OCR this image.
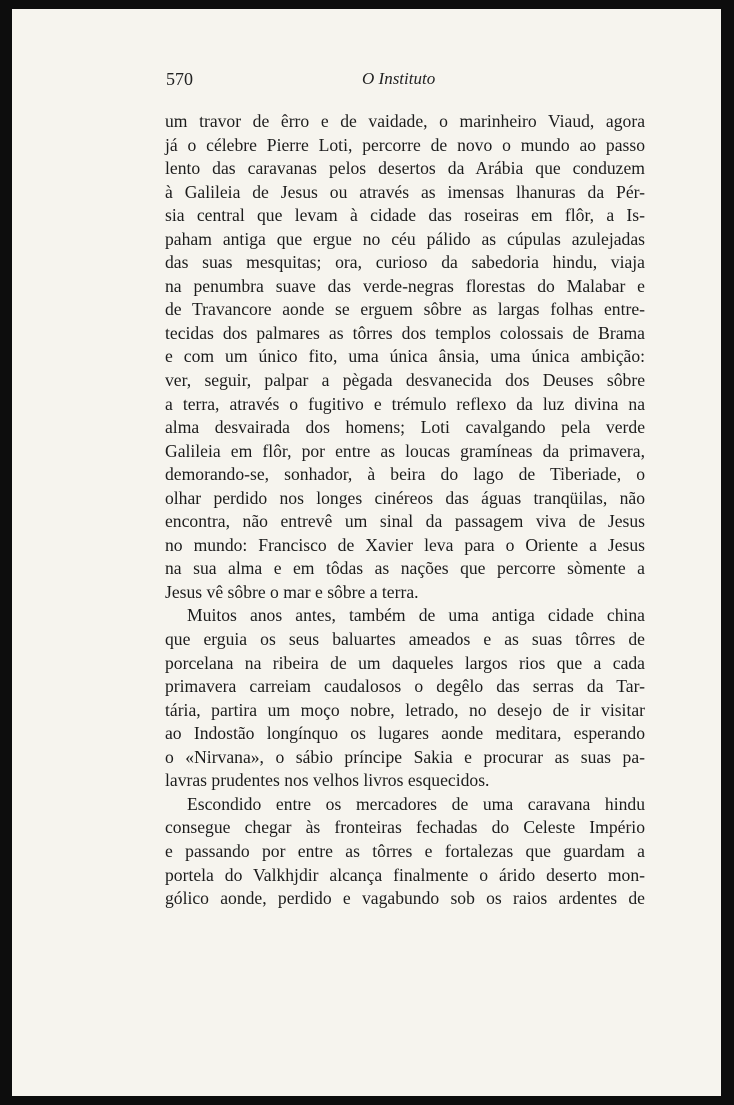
570	O Instituto

um travor de êrro e de vaidade, o marinheiro Viaud, agora
já o célebre Pierre Loti, percorre de novo o mundo ao passo
lento das caravanas pelos desertos da Arábia que conduzem
à Galileia de Jesus ou através as imensas lhanuras da Pér-
sia central que levam à cidade das roseiras em flôr, a Is-
paham antiga que ergue no céu pálido as cúpulas azulejadas
das suas mesquitas; ora, curioso da sabedoria hindu, viaja
na penumbra suave das verde-negras florestas do Malabar e
de Travancore aonde se erguem sôbre as largas folhas entre-
tecidas dos palmares as tôrres dos templos colossais de Brama
e com um único fito, uma única ânsia, uma única ambição:
ver, seguir, palpar a pègada desvanecida dos Deuses sôbre
a terra, através o fugitivo e trémulo reflexo da luz divina na
alma desvairada dos homens; Loti cavalgando pela verde
Galileia em flôr, por entre as loucas gramíneas da primavera,
demorando-se, sonhador, à beira do lago de Tiberiade, o
olhar perdido nos longes cinéreos das águas tranqüilas, não
encontra, não entrevê um sinal da passagem viva de Jesus
no mundo: Francisco de Xavier leva para o Oriente a Jesus
na sua alma e em tôdas as nações que percorre sòmente a
Jesus vê sôbre o mar e sôbre a terra.

Muitos anos antes, também de uma antiga cidade china
que erguia os seus baluartes ameados e as suas tôrres de
porcelana na ribeira de um daqueles largos rios que a cada
primavera carreiam caudalosos o degêlo das serras da Tar-
tária, partira um moço nobre, letrado, no desejo de ir visitar
ao Indostão longínquo os lugares aonde meditara, esperando
o «Nirvana», o sábio príncipe Sakia e procurar as suas pa-
lavras prudentes nos velhos livros esquecidos.

Escondido entre os mercadores de uma caravana hindu
consegue chegar às fronteiras fechadas do Celeste Império
e passando por entre as tôrres e fortalezas que guardam a
portela do Valkhjdir alcança finalmente o árido deserto mon-
gólico aonde, perdido e vagabundo sob os raios ardentes de
